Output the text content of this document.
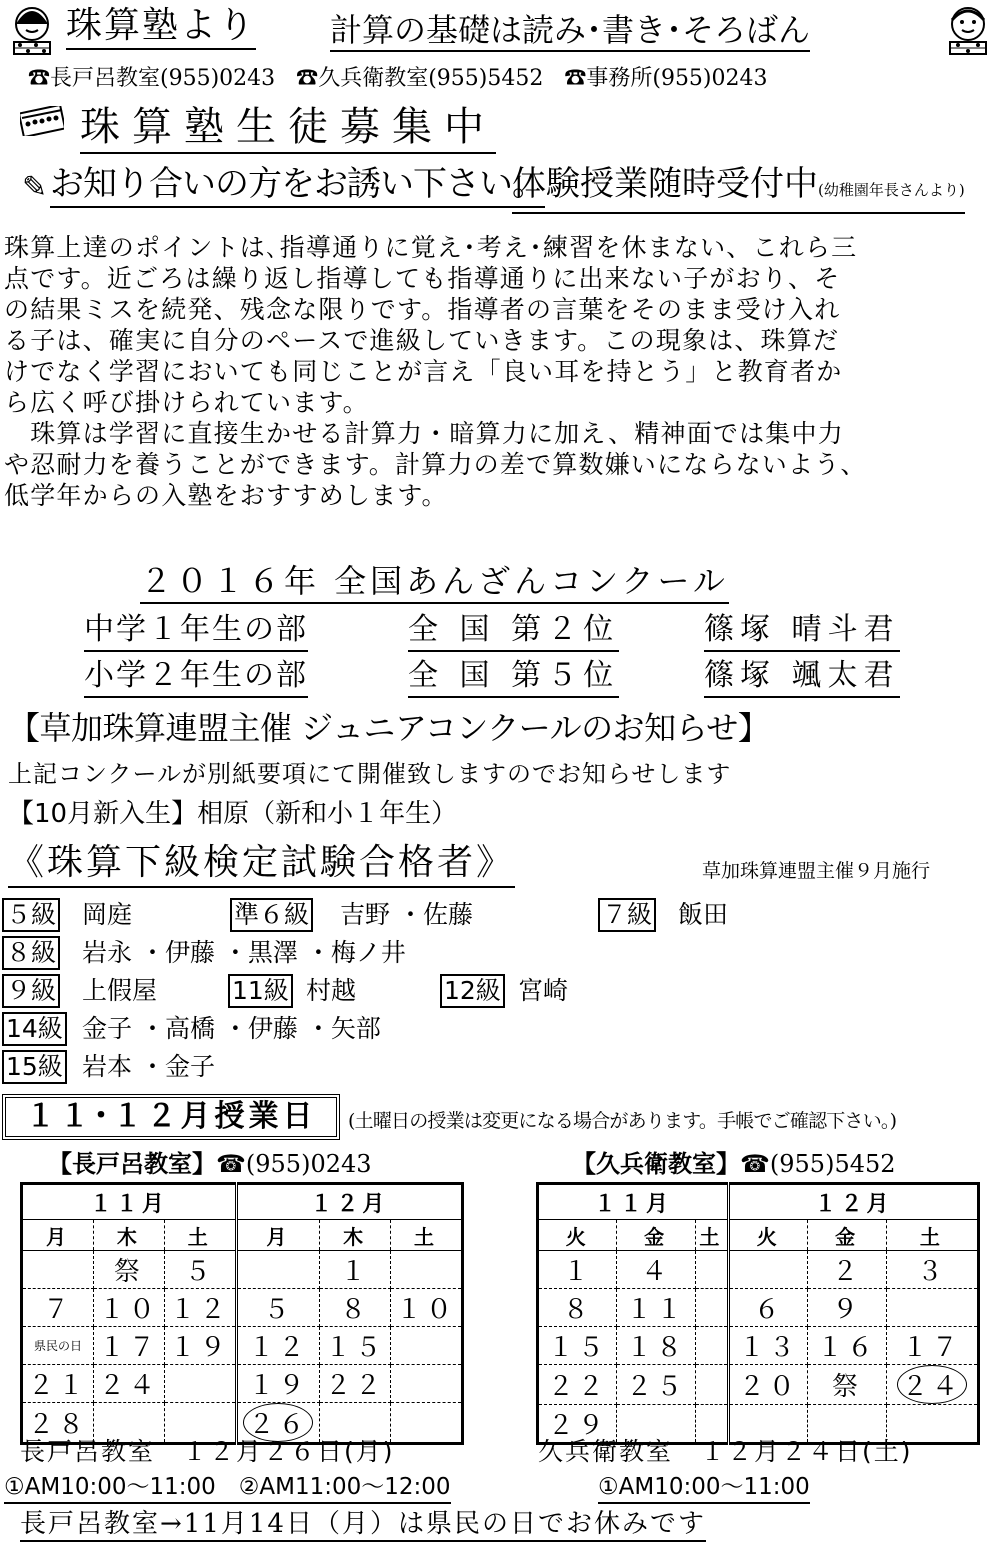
珠算塾より 計算の基礎は読み･書き･そろばん
☎長戸呂教室(955)0243 ☎久兵衛教室(955)5452 ☎事務所(955)0243
珠算塾生徒募集中
✎ お知り合いの方をお誘い下さい。
体験授業随時受付中(幼稚園年長さんより)
珠算上達のポイントは､指導通りに覚え･考え･練習を休まない、これら三
点です。近ごろは繰り返し指導しても指導通りに出来ない子がおり、そ
の結果ミスを続発、残念な限りです。指導者の言葉をそのまま受け入れ
る子は、確実に自分のペースで進級していきます。この現象は、珠算だ
けでなく学習においても同じことが言え「良い耳を持とう」と教育者か
ら広く呼び掛けられています。
　珠算は学習に直接生かせる計算力・暗算力に加え、精神面では集中力
や忍耐力を養うことができます。計算力の差で算数嫌いにならないよう、
低学年からの入塾をおすすめします。
２０１６年 全国あんざんコンクール
中学１年生の部	全 国 第２位	篠塚 晴斗君
小学２年生の部	全 国 第５位	篠塚 颯太君
【草加珠算連盟主催 ジュニアコンクールのお知らせ】
上記コンクールが別紙要項にて開催致しますのでお知らせします
【10月新入生】相原（新和小１年生）
《珠算下級検定試験合格者》	草加珠算連盟主催９月施行
５級 岡庭	準６級 吉野 ・佐藤	７級 飯田
８級 岩永 ・伊藤 ・黒澤 ・梅ノ井
９級 上假屋	11級 村越	12級 宮崎
14級 金子 ・高橋 ・伊藤 ・矢部
15級 岩本 ・金子
１１･１２月授業日	(土曜日の授業は変更になる場合があります。手帳でご確認下さい。)
【長戸呂教室】☎(955)0243
１１月			１２月		
月	木	土	月	木	土
	祭	５		１	
７	１０	１２	５	８	１０
県民の日	１７	１９	１２	１５	
２１	２４		１９	２２	
２８			２６		
【久兵衛教室】☎(955)5452
１１月			１２月		
火	金	土	火	金	土
１	４			２	３
８	１１		６	９	
１５	１８		１３	１６	１７
２２	２５		２０	祭	２４
２９					
長戸呂教室　１２月２６日(月)	久兵衛教室　１２月２４日(土)
①AM10:00～11:00　②AM11:00～12:00	①AM10:00～11:00
長戸呂教室→11月14日（月）は県民の日でお休みです
